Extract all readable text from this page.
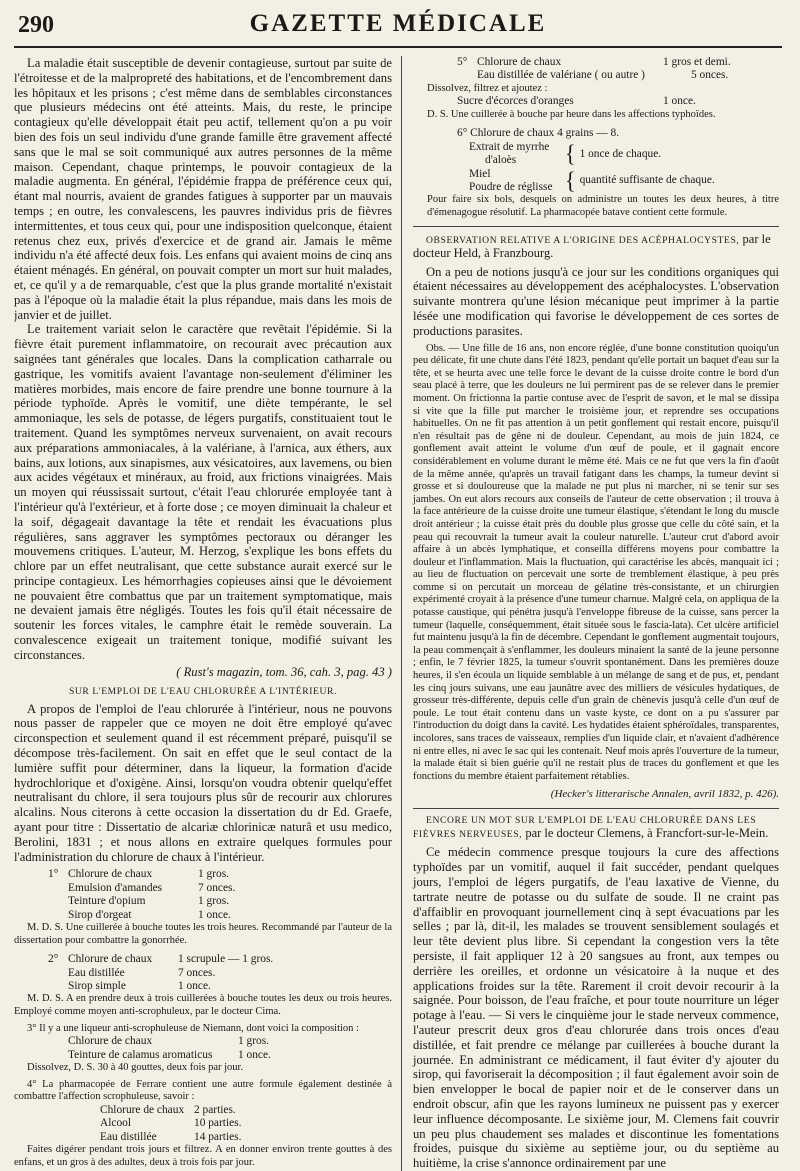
290	GAZETTE MÉDICALE

La maladie était susceptible de devenir contagieuse, surtout par suite de l'étroitesse et de la malpropreté des habitations, et de l'encombrement dans les hôpitaux et les prisons ; c'est même dans de semblables circonstances que plusieurs médecins ont été atteints. Mais, du reste, le principe contagieux qu'elle développait était peu actif, tellement qu'on a pu voir bien des fois un seul individu d'une grande famille être gravement affecté sans que le mal se soit communiqué aux autres personnes de la même maison. Cependant, chaque printemps, le pouvoir contagieux de la maladie augmenta. En général, l'épidémie frappa de préférence ceux qui, étant mal nourris, avaient de grandes fatigues à supporter par un mauvais temps ; en outre, les convalescens, les pauvres individus pris de fièvres intermittentes, et tous ceux qui, pour une indisposition quelconque, étaient retenus chez eux, privés d'exercice et de grand air. Jamais le même individu n'a été affecté deux fois. Les enfans qui avaient moins de cinq ans étaient ménagés. En général, on pouvait compter un mort sur huit malades, et, ce qu'il y a de remarquable, c'est que la plus grande mortalité n'existait pas à l'époque où la maladie était la plus répandue, mais dans les mois de janvier et de juillet.

Le traitement variait selon le caractère que revêtait l'épidémie. Si la fièvre était purement inflammatoire, on recourait avec précaution aux saignées tant générales que locales. Dans la complication catharrale ou gastrique, les vomitifs avaient l'avantage non-seulement d'éliminer les matières morbides, mais encore de faire prendre une bonne tournure à la période typhoïde. Après le vomitif, une diète tempérante, le sel ammoniaque, les sels de potasse, de légers purgatifs, constituaient tout le traitement. Quand les symptômes nerveux survenaient, on avait recours aux préparations ammoniacales, à la valériane, à l'arnica, aux éthers, aux bains, aux lotions, aux sinapismes, aux vésicatoires, aux lavemens, ou bien aux acides végétaux et minéraux, au froid, aux frictions vinaigrées. Mais un moyen qui réussissait surtout, c'était l'eau chlorurée employée tant à l'intérieur qu'à l'extérieur, et à forte dose ; ce moyen diminuait la chaleur et la soif, dégageait davantage la tête et rendait les évacuations plus régulières, sans aggraver les symptômes pectoraux ou déranger les mouvemens critiques. L'auteur, M. Herzog, s'explique les bons effets du chlore par un effet neutralisant, que cette substance aurait exercé sur le principe contagieux. Les hémorrhagies copieuses ainsi que le dévoiement ne pouvaient être combattus que par un traitement symptomatique, mais ne devaient jamais être négligés. Toutes les fois qu'il était nécessaire de soutenir les forces vitales, le camphre était le remède souverain. La convalescence exigeait un traitement tonique, modifié suivant les circonstances.

( Rust's magazin, tom. 36, cah. 3, pag. 43 )

SUR L'EMPLOI DE L'EAU CHLORURÉE A L'INTÉRIEUR.

A propos de l'emploi de l'eau chlorurée à l'intérieur, nous ne pouvons nous passer de rappeler que ce moyen ne doit être employé qu'avec circonspection et seulement quand il est récemment préparé, puisqu'il se décompose très-facilement. On sait en effet que le seul contact de la lumière suffit pour déterminer, dans la liqueur, la formation d'acide hydrochlorique et d'oxigène. Ainsi, lorsqu'on voudra obtenir quelqu'effet neutralisant du chlore, il sera toujours plus sûr de recourir aux chlorures alcalins. Nous citerons à cette occasion la dissertation du dr Ed. Graefe, ayant pour titre : Dissertatio de alcariæ chlorinicæ naturâ et usu medico, Berolini, 1831 ; et nous allons en extraire quelques formules pour l'administration du chlorure de chaux à l'intérieur.

1° Chlorure de chaux	1 gros.
Emulsion d'amandes	7 onces.
Teinture d'opium	1 gros.
Sirop d'orgeat	1 once.

M. D. S. Une cuillerée à bouche toutes les trois heures. Recommandé par l'auteur de la dissertation pour combattre la gonorrhée.

2° Chlorure de chaux	1 scrupule — 1 gros.
Eau distillée	7 onces.
Sirop simple	1 once.

M. D. S. A en prendre deux à trois cuillerées à bouche toutes les deux ou trois heures. Employé comme moyen anti-scrophuleux, par le docteur Cima.

3° Il y a une liqueur anti-scrophuleuse de Niemann, dont voici la composition :

Chlorure de chaux	1 gros.
Teinture de calamus aromaticus	1 once.

Dissolvez, D. S. 30 à 40 gouttes, deux fois par jour.

4° La pharmacopée de Ferrare contient une autre formule également destinée à combattre l'affection scrophuleuse, savoir :

Chlorure de chaux 2 parties.
Alcool	10 parties.
Eau distillée	14 parties.

Faites digérer pendant trois jours et filtrez. A en donner environ trente gouttes à des enfans, et un gros à des adultes, deux à trois fois par jour.

5° Chlorure de chaux	1 gros et demi.
Eau distillée de valériane ( ou autre )	5 onces.

Dissolvez, filtrez et ajoutez :

Sucre d'écorces d'oranges	1 once.

D. S. Une cuillerée à bouche par heure dans les affections typhoïdes.

6° Chlorure de chaux 4 grains — 8.
Extrait de myrrhe
d'aloès	{ 1 once de chaque.
Miel
Poudre de réglisse { quantité suffisante de chaque.

Pour faire six bols, desquels on administre un toutes les deux heures, à titre d'émenagogue résolutif. La pharmacopée batave contient cette formule.

OBSERVATION RELATIVE A L'ORIGINE DES ACÉPHALOCYSTES, par le docteur Held, à Franzbourg.

On a peu de notions jusqu'à ce jour sur les conditions organiques qui étaient nécessaires au développement des acéphalocystes. L'observation suivante montrera qu'une lésion mécanique peut imprimer à la partie lésée une modification qui favorise le développement de ces sortes de productions parasites.

Obs. — Une fille de 16 ans, non encore réglée, d'une bonne constitution quoiqu'un peu délicate, fit une chute dans l'été 1823, pendant qu'elle portait un baquet d'eau sur la tête, et se heurta avec une telle force le devant de la cuisse droite contre le bord d'un seau placé à terre, que les douleurs ne lui permirent pas de se relever dans le premier moment. On frictionna la partie contuse avec de l'esprit de savon, et le mal se dissipa si vite que la fille put marcher le troisième jour, et reprendre ses occupations habituelles. On ne fit pas attention à un petit gonflement qui restait encore, puisqu'il n'en résultait pas de gêne ni de douleur. Cependant, au mois de juin 1824, ce gonflement avait atteint le volume d'un œuf de poule, et il gagnait encore considérablement en volume durant le même été. Mais ce ne fut que vers la fin d'août de la même année, qu'après un travail fatigant dans les champs, la tumeur devint si grosse et si douloureuse que la malade ne put plus ni marcher, ni se tenir sur ses jambes. On eut alors recours aux conseils de l'auteur de cette observation ; il trouva à la face antérieure de la cuisse droite une tumeur élastique, s'étendant le long du muscle droit antérieur ; la cuisse était près du double plus grosse que celle du côté sain, et la peau qui recouvrait la tumeur avait la couleur naturelle. L'auteur crut d'abord avoir affaire à un abcès lymphatique, et conseilla différens moyens pour combattre la douleur et l'inflammation. Mais la fluctuation, qui caractérise les abcès, manquait ici ; au lieu de fluctuation on percevait une sorte de tremblement élastique, à peu près comme si on percutait un morceau de gélatine très-consistante, et un chirurgien expérimenté croyait à la présence d'une tumeur charnue. Malgré cela, on appliqua de la potasse caustique, qui pénétra jusqu'à l'enveloppe fibreuse de la cuisse, sans percer la tumeur (laquelle, conséquemment, était située sous le fascia-lata). Cet ulcère artificiel fut maintenu jusqu'à la fin de décembre. Cependant le gonflement augmentait toujours, la peau commençait à s'enflammer, les douleurs minaient la santé de la jeune personne ; enfin, le 7 février 1825, la tumeur s'ouvrit spontanément. Dans les premières douze heures, il s'en écoula un liquide semblable à un mélange de sang et de pus, et, pendant les cinq jours suivans, une eau jaunâtre avec des milliers de vésicules hydatiques, de grosseur très-différente, depuis celle d'un grain de chènevis jusqu'à celle d'un œuf de poule. Le tout était contenu dans un vaste kyste, ce dont on a pu s'assurer par l'introduction du doigt dans la cavité. Les hydatides étaient sphéroïdales, transparentes, incolores, sans traces de vaisseaux, remplies d'un liquide clair, et n'avaient d'adhérence ni entre elles, ni avec le sac qui les contenait. Neuf mois après l'ouverture de la tumeur, la malade était si bien guérie qu'il ne restait plus de traces du gonflement et que les fonctions du membre étaient parfaitement rétablies.

(Hecker's litterarische Annalen, avril 1832, p. 426).

ENCORE UN MOT SUR L'EMPLOI DE L'EAU CHLORURÉE DANS LES FIÈVRES NERVEUSES, par le docteur Clemens, à Francfort-sur-le-Mein.

Ce médecin commence presque toujours la cure des affections typhoïdes par un vomitif, auquel il fait succéder, pendant quelques jours, l'emploi de légers purgatifs, de l'eau laxative de Vienne, du tartrate neutre de potasse ou du sulfate de soude. Il ne craint pas d'affaiblir en provoquant journellement cinq à sept évacuations par les selles ; par là, dit-il, les malades se trouvent sensiblement soulagés et leur tête devient plus libre. Si cependant la congestion vers la tête persiste, il fait appliquer 12 à 20 sangsues au front, aux tempes ou derrière les oreilles, et ordonne un vésicatoire à la nuque et des applications froides sur la tête. Rarement il croit devoir recourir à la saignée. Pour boisson, de l'eau fraîche, et pour toute nourriture un léger potage à l'eau. — Si vers le cinquième jour le stade nerveux commence, l'auteur prescrit deux gros d'eau chlorurée dans trois onces d'eau distillée, et fait prendre ce mélange par cuillerées à bouche durant la journée. En administrant ce médicament, il faut éviter d'y ajouter du sirop, qui favoriserait la décomposition ; il faut également avoir soin de bien envelopper le bocal de papier noir et de le conserver dans un endroit obscur, afin que les rayons lumineux ne puissent pas y exercer leur influence décomposante. Le sixième jour, M. Clemens fait couvrir un peu plus chaudement ses malades et discontinue les fomentations froides, puisque du sixième au septième jour, ou du septième au huitième, la crise s'annonce ordinairement par une
